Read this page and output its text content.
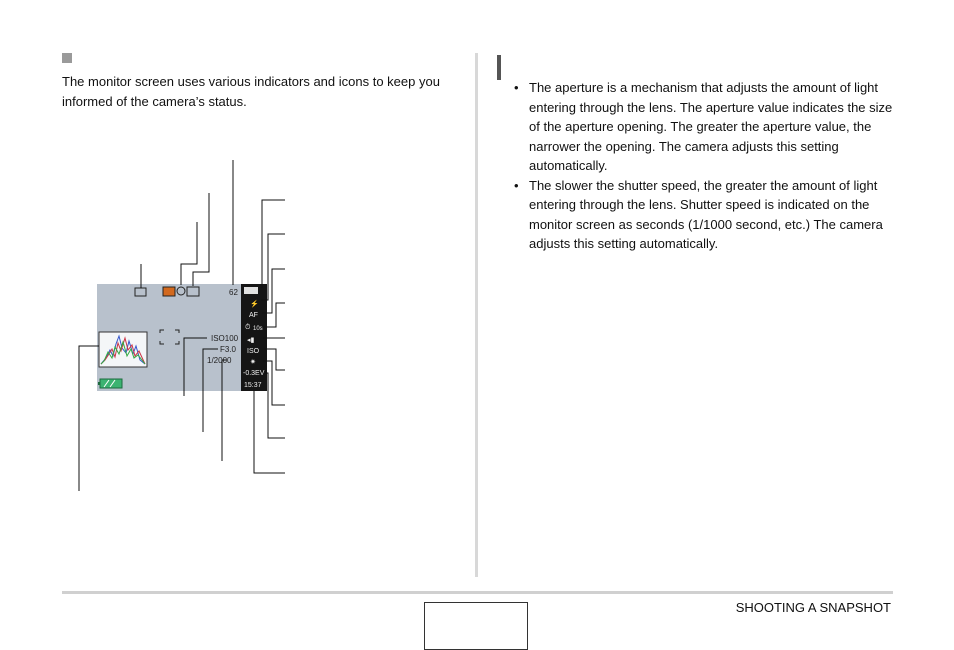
The monitor screen uses various indicators and icons to keep you informed of the camera’s status.
• The aperture is a mechanism that adjusts the amount of light entering through the lens. The aperture value indicates the size of the aperture opening. The greater the aperture value, the narrower the opening. The camera adjusts this setting automatically.
• The slower the shutter speed, the greater the amount of light entering through the lens. Shutter speed is indicated on the monitor screen as seconds (1/1000 second, etc.) The camera adjusts this setting automatically.
62
⚡
AF
⏱ 10s
◂▮
ISO
✷
-0.3EV
15:37
ISO100
F3.0
1/2000
SHOOTING A SNAPSHOT
